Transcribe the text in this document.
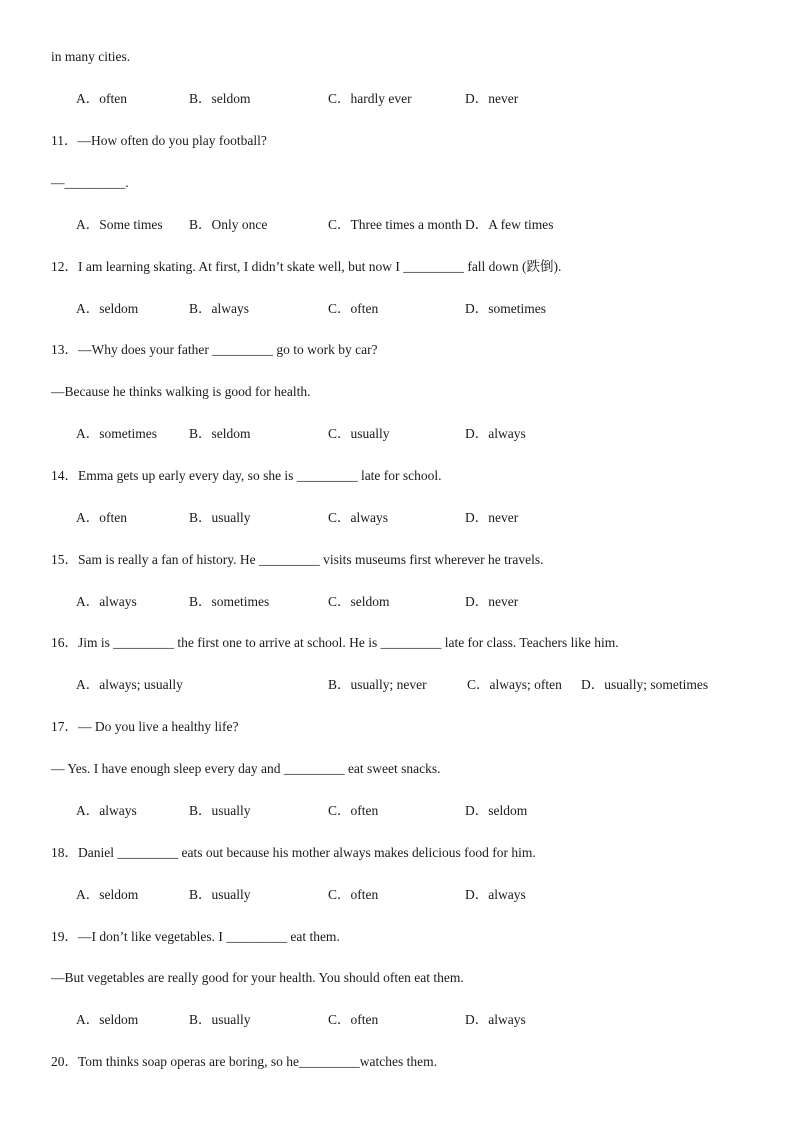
in many cities.
A．often	B．seldom	C．hardly ever	D．never
11．—How often do you play football?
—_________.
A．Some times B．Only once	C．Three times a month D．A few times
12．I am learning skating. At first, I didn’t skate well, but now I _________ fall down (跌倒).
A．seldom	B．always	C．often	D．sometimes
13．—Why does your father _________ go to work by car?
—Because he thinks walking is good for health.
A．sometimes B．seldom	C．usually	D．always
14．Emma gets up early every day, so she is _________ late for school.
A．often	B．usually	C．always	D．never
15．Sam is really a fan of history. He _________ visits museums first wherever he travels.
A．always	B．sometimes	C．seldom	D．never
16．Jim is _________ the first one to arrive at school. He is _________ late for class. Teachers like him.
A．always; usually	B．usually; never	C．always; often D．usually; sometimes
17．— Do you live a healthy life?
— Yes. I have enough sleep every day and _________ eat sweet snacks.
A．always	B．usually	C．often	D．seldom
18．Daniel _________ eats out because his mother always makes delicious food for him.
A．seldom	B．usually	C．often	D．always
19．—I don’t like vegetables. I _________ eat them.
—But vegetables are really good for your health. You should often eat them.
A．seldom	B．usually	C．often	D．always
20．Tom thinks soap operas are boring, so he_________watches them.
